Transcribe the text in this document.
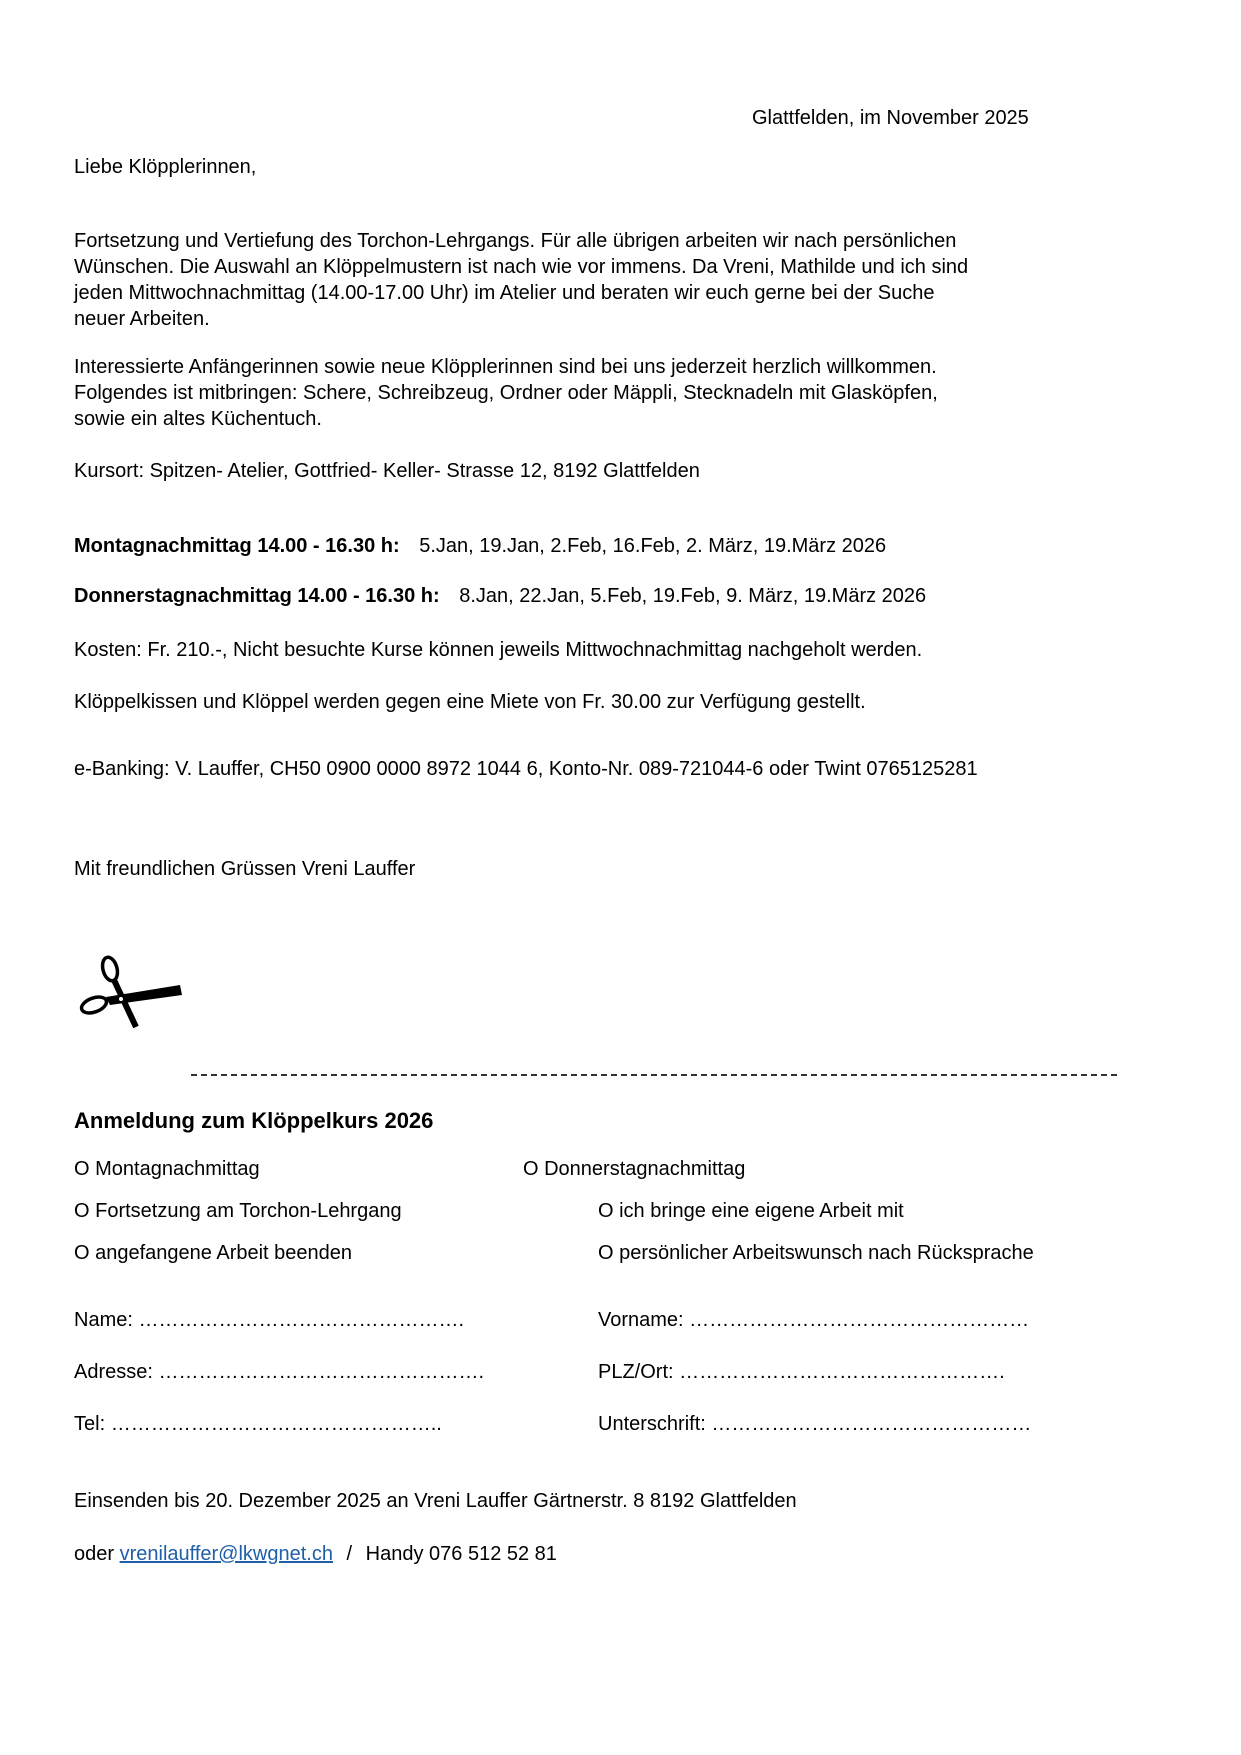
Glattfelden, im November 2025
Liebe Klöpplerinnen,
Fortsetzung und Vertiefung des Torchon-Lehrgangs. Für alle übrigen arbeiten wir nach persönlichen
Wünschen. Die Auswahl an Klöppelmustern ist nach wie vor immens. Da Vreni, Mathilde und ich sind
jeden Mittwochnachmittag (14.00-17.00 Uhr) im Atelier und beraten wir euch gerne bei der Suche
neuer Arbeiten.
Interessierte Anfängerinnen sowie neue Klöpplerinnen sind bei uns jederzeit herzlich willkommen.
Folgendes ist mitbringen: Schere, Schreibzeug, Ordner oder Mäppli, Stecknadeln mit Glasköpfen,
sowie ein altes Küchentuch.
Kursort: Spitzen- Atelier, Gottfried- Keller- Strasse 12, 8192 Glattfelden
Montagnachmittag 14.00 - 16.30 h: 5.Jan, 19.Jan, 2.Feb, 16.Feb, 2. März, 19.März 2026
Donnerstagnachmittag 14.00 - 16.30 h: 8.Jan, 22.Jan, 5.Feb, 19.Feb, 9. März, 19.März 2026
Kosten: Fr. 210.-, Nicht besuchte Kurse können jeweils Mittwochnachmittag nachgeholt werden.
Klöppelkissen und Klöppel werden gegen eine Miete von Fr. 30.00 zur Verfügung gestellt.
e-Banking: V. Lauffer, CH50 0900 0000 8972 1044 6, Konto-Nr. 089-721044-6 oder Twint 0765125281
Mit freundlichen Grüssen Vreni Lauffer
Anmeldung zum Klöppelkurs 2026
O Montagnachmittag	O Donnerstagnachmittag
O Fortsetzung am Torchon-Lehrgang	O ich bringe eine eigene Arbeit mit
O angefangene Arbeit beenden	O persönlicher Arbeitswunsch nach Rücksprache
Name: ………………………………………….	Vorname: ……………………………………………
Adresse: ………………………………………….	PLZ/Ort: ………………………………………….
Tel: …………………………………………..	Unterschrift: …………………………………………
Einsenden bis 20. Dezember 2025 an Vreni Lauffer Gärtnerstr. 8 8192 Glattfelden
oder vrenilauffer@lkwgnet.ch / Handy 076 512 52 81
